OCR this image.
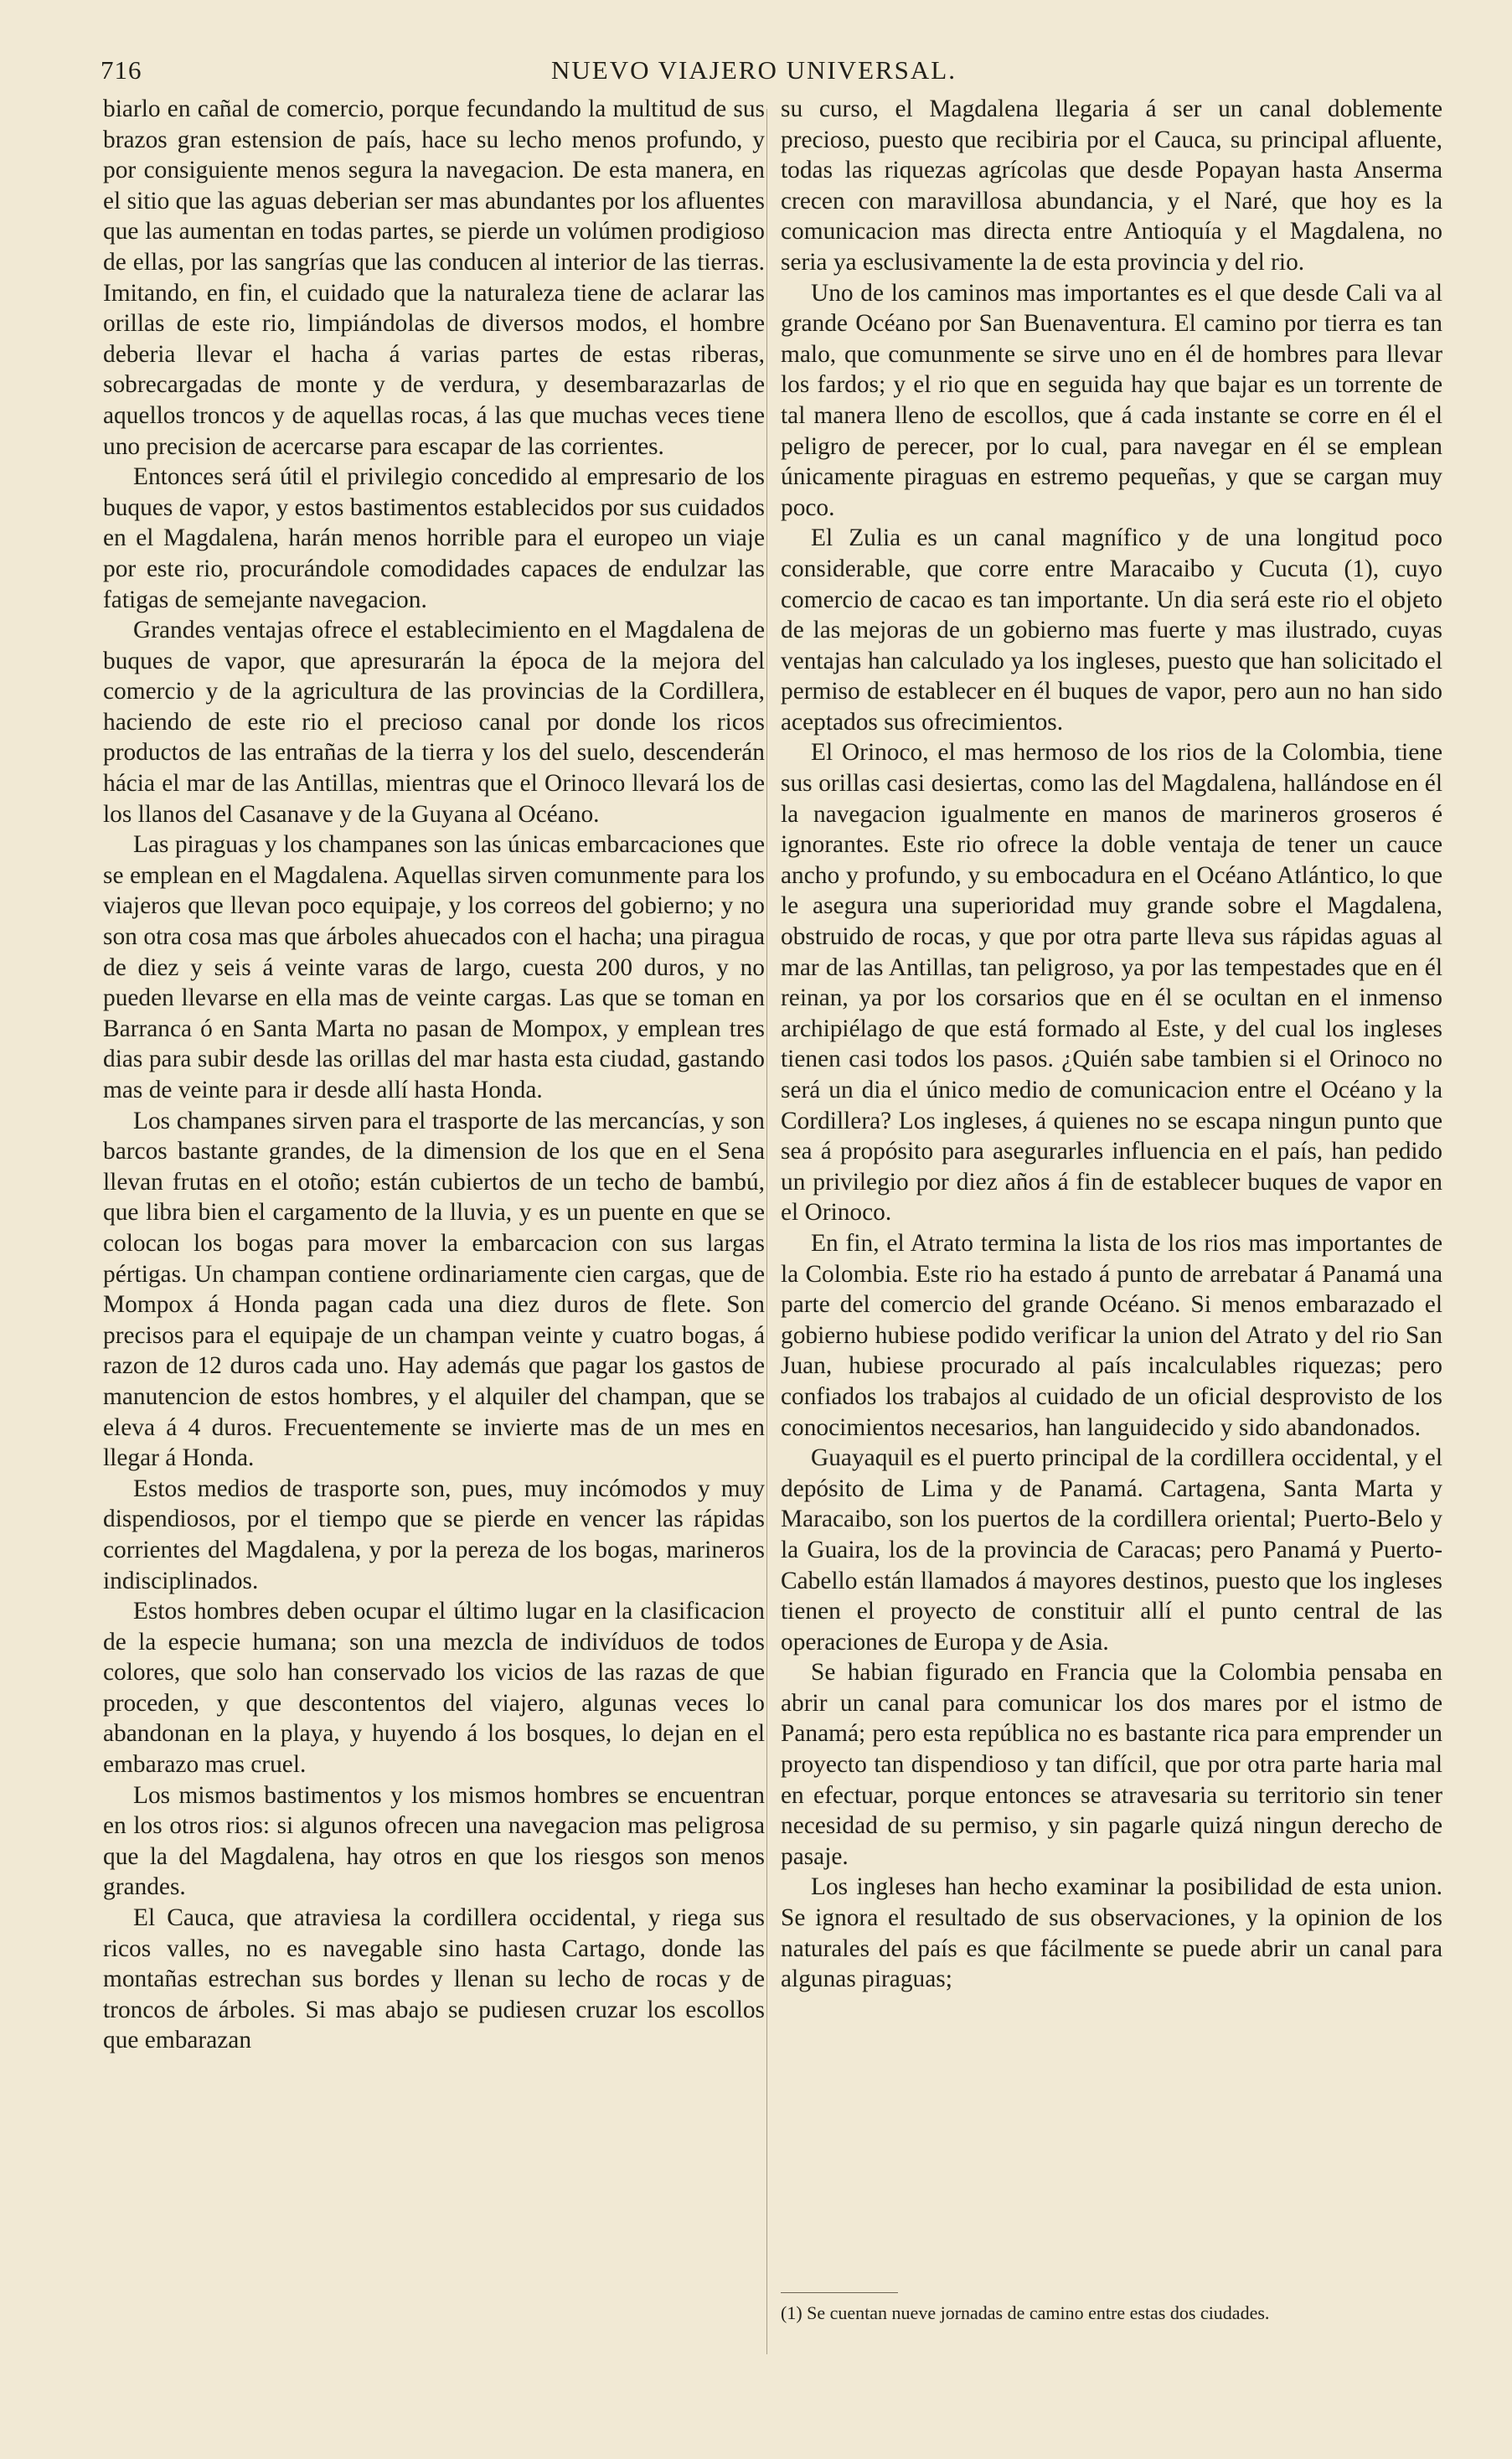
716	NUEVO VIAJERO UNIVERSAL.

biarlo en cañal de comercio, porque fecundando la multitud de sus brazos gran estension de país, hace su lecho menos profundo, y por consiguiente menos segura la navegacion. De esta manera, en el sitio que las aguas deberian ser mas abundantes por los afluentes que las aumentan en todas partes, se pierde un volúmen prodigioso de ellas, por las sangrías que las conducen al interior de las tierras. Imitando, en fin, el cuidado que la naturaleza tiene de aclarar las orillas de este rio, limpiándolas de diversos modos, el hombre deberia llevar el hacha á varias partes de estas riberas, sobrecargadas de monte y de verdura, y desembarazarlas de aquellos troncos y de aquellas rocas, á las que muchas veces tiene uno precision de acercarse para escapar de las corrientes.

Entonces será útil el privilegio concedido al empresario de los buques de vapor, y estos bastimentos establecidos por sus cuidados en el Magdalena, harán menos horrible para el europeo un viaje por este rio, procurándole comodidades capaces de endulzar las fatigas de semejante navegacion.

Grandes ventajas ofrece el establecimiento en el Magdalena de buques de vapor, que apresurarán la época de la mejora del comercio y de la agricultura de las provincias de la Cordillera, haciendo de este rio el precioso canal por donde los ricos productos de las entrañas de la tierra y los del suelo, descenderán hácia el mar de las Antillas, mientras que el Orinoco llevará los de los llanos del Casanave y de la Guyana al Océano.

Las piraguas y los champanes son las únicas embarcaciones que se emplean en el Magdalena. Aquellas sirven comunmente para los viajeros que llevan poco equipaje, y los correos del gobierno; y no son otra cosa mas que árboles ahuecados con el hacha; una piragua de diez y seis á veinte varas de largo, cuesta 200 duros, y no pueden llevarse en ella mas de veinte cargas. Las que se toman en Barranca ó en Santa Marta no pasan de Mompox, y emplean tres dias para subir desde las orillas del mar hasta esta ciudad, gastando mas de veinte para ir desde allí hasta Honda.

Los champanes sirven para el trasporte de las mercancías, y son barcos bastante grandes, de la dimension de los que en el Sena llevan frutas en el otoño; están cubiertos de un techo de bambú, que libra bien el cargamento de la lluvia, y es un puente en que se colocan los bogas para mover la embarcacion con sus largas pértigas. Un champan contiene ordinariamente cien cargas, que de Mompox á Honda pagan cada una diez duros de flete. Son precisos para el equipaje de un champan veinte y cuatro bogas, á razon de 12 duros cada uno. Hay además que pagar los gastos de manutencion de estos hombres, y el alquiler del champan, que se eleva á 4 duros. Frecuentemente se invierte mas de un mes en llegar á Honda.

Estos medios de trasporte son, pues, muy incómodos y muy dispendiosos, por el tiempo que se pierde en vencer las rápidas corrientes del Magdalena, y por la pereza de los bogas, marineros indisciplinados.

Estos hombres deben ocupar el último lugar en la clasificacion de la especie humana; son una mezcla de indivíduos de todos colores, que solo han conservado los vicios de las razas de que proceden, y que descontentos del viajero, algunas veces lo abandonan en la playa, y huyendo á los bosques, lo dejan en el embarazo mas cruel.

Los mismos bastimentos y los mismos hombres se encuentran en los otros rios: si algunos ofrecen una navegacion mas peligrosa que la del Magdalena, hay otros en que los riesgos son menos grandes.

El Cauca, que atraviesa la cordillera occidental, y riega sus ricos valles, no es navegable sino hasta Cartago, donde las montañas estrechan sus bordes y llenan su lecho de rocas y de troncos de árboles. Si mas abajo se pudiesen cruzar los escollos que embarazan

su curso, el Magdalena llegaria á ser un canal doblemente precioso, puesto que recibiria por el Cauca, su principal afluente, todas las riquezas agrícolas que desde Popayan hasta Anserma crecen con maravillosa abundancia, y el Naré, que hoy es la comunicacion mas directa entre Antioquía y el Magdalena, no seria ya esclusivamente la de esta provincia y del rio.

Uno de los caminos mas importantes es el que desde Cali va al grande Océano por San Buenaventura. El camino por tierra es tan malo, que comunmente se sirve uno en él de hombres para llevar los fardos; y el rio que en seguida hay que bajar es un torrente de tal manera lleno de escollos, que á cada instante se corre en él el peligro de perecer, por lo cual, para navegar en él se emplean únicamente piraguas en estremo pequeñas, y que se cargan muy poco.

El Zulia es un canal magnífico y de una longitud poco considerable, que corre entre Maracaibo y Cucuta (1), cuyo comercio de cacao es tan importante. Un dia será este rio el objeto de las mejoras de un gobierno mas fuerte y mas ilustrado, cuyas ventajas han calculado ya los ingleses, puesto que han solicitado el permiso de establecer en él buques de vapor, pero aun no han sido aceptados sus ofrecimientos.

El Orinoco, el mas hermoso de los rios de la Colombia, tiene sus orillas casi desiertas, como las del Magdalena, hallándose en él la navegacion igualmente en manos de marineros groseros é ignorantes. Este rio ofrece la doble ventaja de tener un cauce ancho y profundo, y su embocadura en el Océano Atlántico, lo que le asegura una superioridad muy grande sobre el Magdalena, obstruido de rocas, y que por otra parte lleva sus rápidas aguas al mar de las Antillas, tan peligroso, ya por las tempestades que en él reinan, ya por los corsarios que en él se ocultan en el inmenso archipiélago de que está formado al Este, y del cual los ingleses tienen casi todos los pasos. ¿Quién sabe tambien si el Orinoco no será un dia el único medio de comunicacion entre el Océano y la Cordillera? Los ingleses, á quienes no se escapa ningun punto que sea á propósito para asegurarles influencia en el país, han pedido un privilegio por diez años á fin de establecer buques de vapor en el Orinoco.

En fin, el Atrato termina la lista de los rios mas importantes de la Colombia. Este rio ha estado á punto de arrebatar á Panamá una parte del comercio del grande Océano. Si menos embarazado el gobierno hubiese podido verificar la union del Atrato y del rio San Juan, hubiese procurado al país incalculables riquezas; pero confiados los trabajos al cuidado de un oficial desprovisto de los conocimientos necesarios, han languidecido y sido abandonados.

Guayaquil es el puerto principal de la cordillera occidental, y el depósito de Lima y de Panamá. Cartagena, Santa Marta y Maracaibo, son los puertos de la cordillera oriental; Puerto-Belo y la Guaira, los de la provincia de Caracas; pero Panamá y Puerto-Cabello están llamados á mayores destinos, puesto que los ingleses tienen el proyecto de constituir allí el punto central de las operaciones de Europa y de Asia.

Se habian figurado en Francia que la Colombia pensaba en abrir un canal para comunicar los dos mares por el istmo de Panamá; pero esta república no es bastante rica para emprender un proyecto tan dispendioso y tan difícil, que por otra parte haria mal en efectuar, porque entonces se atravesaria su territorio sin tener necesidad de su permiso, y sin pagarle quizá ningun derecho de pasaje.

Los ingleses han hecho examinar la posibilidad de esta union. Se ignora el resultado de sus observaciones, y la opinion de los naturales del país es que fácilmente se puede abrir un canal para algunas piraguas;

(1) Se cuentan nueve jornadas de camino entre estas dos ciudades.
